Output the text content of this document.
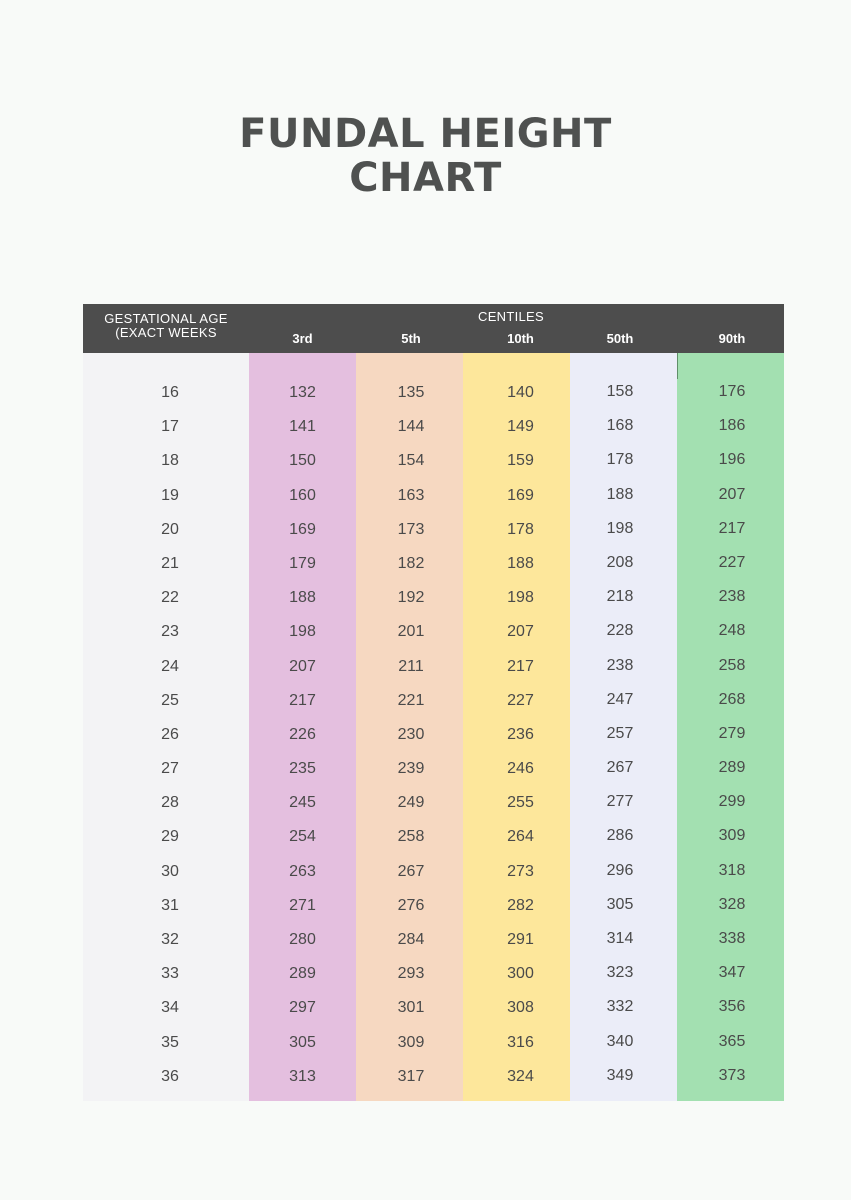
FUNDAL HEIGHT
CHART
GESTATIONAL AGE
(EXACT WEEKS
CENTILES
3rd	5th	10th	50th	90th
16	132	135	140	158	176
17	141	144	149	168	186
18	150	154	159	178	196
19	160	163	169	188	207
20	169	173	178	198	217
21	179	182	188	208	227
22	188	192	198	218	238
23	198	201	207	228	248
24	207	211	217	238	258
25	217	221	227	247	268
26	226	230	236	257	279
27	235	239	246	267	289
28	245	249	255	277	299
29	254	258	264	286	309
30	263	267	273	296	318
31	271	276	282	305	328
32	280	284	291	314	338
33	289	293	300	323	347
34	297	301	308	332	356
35	305	309	316	340	365
36	313	317	324	349	373
